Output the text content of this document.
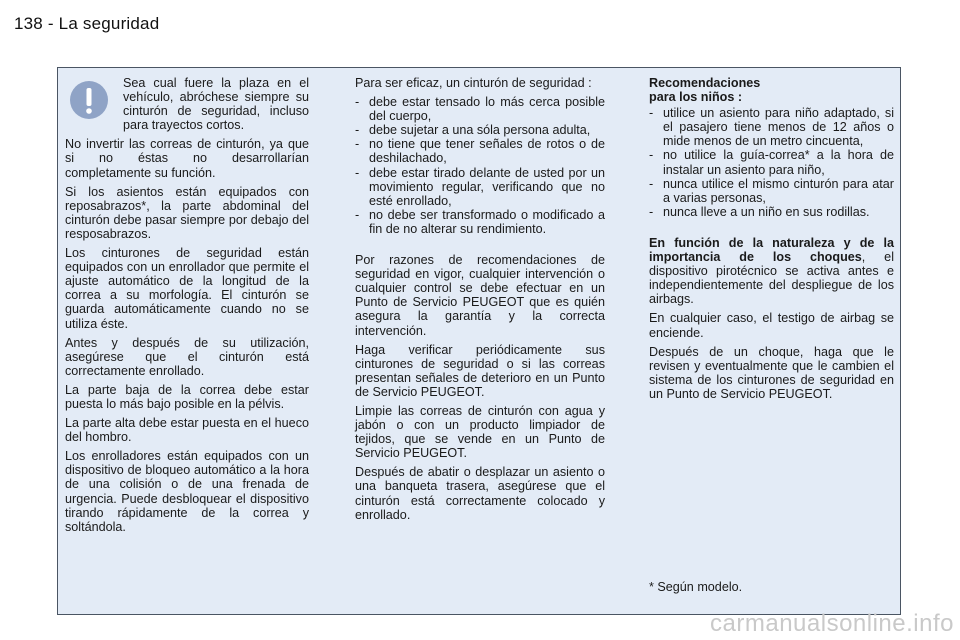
138 - La seguridad

Sea cual fuere la plaza en el vehículo, abróchese siempre su cinturón de seguridad, incluso para trayectos cortos.

No invertir las correas de cinturón, ya que si no éstas no desarrollarían completamente su función.

Si los asientos están equipados con reposabrazos*, la parte abdominal del cinturón debe pasar siempre por debajo del resposabrazos.

Los cinturones de seguridad están equipados con un enrollador que permite el ajuste automático de la longitud de la correa a su morfología. El cinturón se guarda automáticamente cuando no se utiliza éste.

Antes y después de su utilización, asegúrese que el cinturón está correctamente enrollado.

La parte baja de la correa debe estar puesta lo más bajo posible en la pélvis.

La parte alta debe estar puesta en el hueco del hombro.

Los enrolladores están equipados con un dispositivo de bloqueo automático a la hora de una colisión o de una frenada de urgencia. Puede desbloquear el dispositivo tirando rápidamente de la correa y soltándola.

Para ser eficaz, un cinturón de seguridad :

- debe estar tensado lo más cerca posible del cuerpo,
- debe sujetar a una sóla persona adulta,
- no tiene que tener señales de rotos o de deshilachado,
- debe estar tirado delante de usted por un movimiento regular, verificando que no esté enrollado,
- no debe ser transformado o modificado a fin de no alterar su rendimiento.

Por razones de recomendaciones de seguridad en vigor, cualquier intervención o cualquier control se debe efectuar en un Punto de Servicio PEUGEOT que es quién asegura la garantía y la correcta intervención.

Haga verificar periódicamente sus cinturones de seguridad o si las correas presentan señales de deterioro en un Punto de Servicio PEUGEOT.

Limpie las correas de cinturón con agua y jabón o con un producto limpiador de tejidos, que se vende en un Punto de Servicio PEUGEOT.

Después de abatir o desplazar un asiento o una banqueta trasera, asegúrese que el cinturón está correctamente colocado y enrollado.

Recomendaciones
para los niños :

- utilice un asiento para niño adaptado, si el pasajero tiene menos de 12 años o mide menos de un metro cincuenta,
- no utilice la guía-correa* a la hora de instalar un asiento para niño,
- nunca utilice el mismo cinturón para atar a varias personas,
- nunca lleve a un niño en sus rodillas.

En función de la naturaleza y de la importancia de los choques, el dispositivo pirotécnico se activa antes e independientemente del despliegue de los airbags.

En cualquier caso, el testigo de airbag se enciende.

Después de un choque, haga que le revisen y eventualmente que le cambien el sistema de los cinturones de seguridad en un Punto de Servicio PEUGEOT.

* Según modelo.
carmanualsonline.info
